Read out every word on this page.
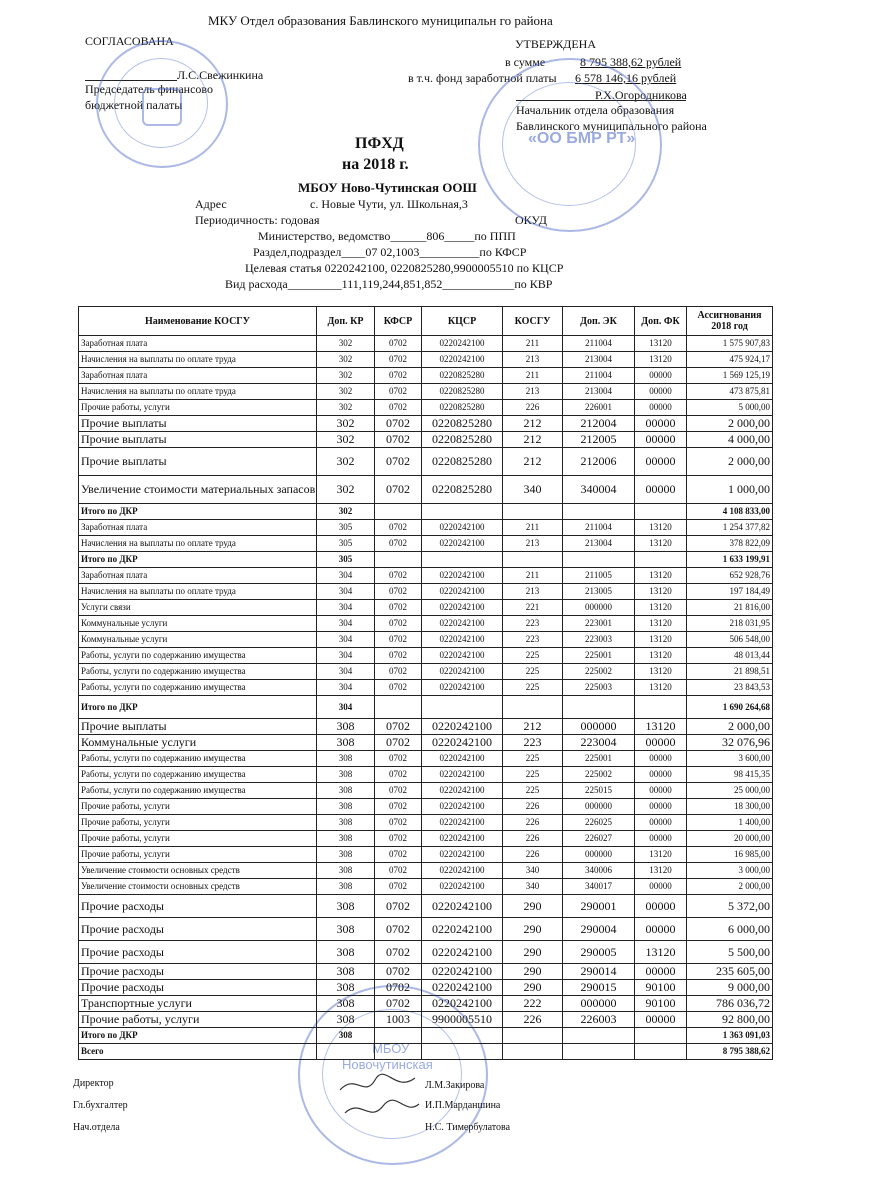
МКУ Отдел образования Бавлинского муниципальн го района
СОГЛАСОВАНА
Л.С.Свежинкина
Председатель финансово
бюджетной палаты
УТВЕРЖДЕНА
в сумме	8 795 388,62 рублей
в т.ч. фонд заработной платы 6 578 146,16 рублей
Р.Х.Огородникова
Начальник отдела образования
Бавлинского муниципального района
ПФХД
на 2018 г.
МБОУ Ново-Чутинская ООШ
Адрес	с. Новые Чути, ул. Школьная,3
Периодичность: годовая	ОКУД
Министерство, ведомство______806_____по ППП
Раздел,подраздел____07 02,1003__________по КФСР
Целевая статья 0220242100, 0220825280,9900005510 по КЦСР
Вид расхода_________111,119,244,851,852____________по КВР
«ОО БМР РТ»
МБОУ
Новочутинская
Наименование КОСГУ	Доп. КР	КФСР	КЦСР	КОСГУ	Доп. ЭК	Доп. ФК	Ассигнования 2018 год
Заработная плата	302	0702	0220242100	211	211004	13120	1 575 907,83
Начисления на выплаты по оплате труда	302	0702	0220242100	213	213004	13120	475 924,17
Заработная плата	302	0702	0220825280	211	211004	00000	1 569 125,19
Начисления на выплаты по оплате труда	302	0702	0220825280	213	213004	00000	473 875,81
Прочие работы, услуги	302	0702	0220825280	226	226001	00000	5 000,00
Прочие выплаты	302	0702	0220825280	212	212004	00000	2 000,00
Прочие выплаты	302	0702	0220825280	212	212005	00000	4 000,00
Прочие выплаты	302	0702	0220825280	212	212006	00000	2 000,00
Увеличение стоимости материальных запасов	302	0702	0220825280	340	340004	00000	1 000,00
Итого по ДКР	302						4 108 833,00
Заработная плата	305	0702	0220242100	211	211004	13120	1 254 377,82
Начисления на выплаты по оплате труда	305	0702	0220242100	213	213004	13120	378 822,09
Итого по ДКР	305						1 633 199,91
Заработная плата	304	0702	0220242100	211	211005	13120	652 928,76
Начисления на выплаты по оплате труда	304	0702	0220242100	213	213005	13120	197 184,49
Услуги связи	304	0702	0220242100	221	000000	13120	21 816,00
Коммунальные услуги	304	0702	0220242100	223	223001	13120	218 031,95
Коммунальные услуги	304	0702	0220242100	223	223003	13120	506 548,00
Работы, услуги по содержанию имущества	304	0702	0220242100	225	225001	13120	48 013,44
Работы, услуги по содержанию имущества	304	0702	0220242100	225	225002	13120	21 898,51
Работы, услуги по содержанию имущества	304	0702	0220242100	225	225003	13120	23 843,53
Итого по ДКР	304						1 690 264,68
Прочие выплаты	308	0702	0220242100	212	000000	13120	2 000,00
Коммунальные услуги	308	0702	0220242100	223	223004	00000	32 076,96
Работы, услуги по содержанию имущества	308	0702	0220242100	225	225001	00000	3 600,00
Работы, услуги по содержанию имущества	308	0702	0220242100	225	225002	00000	98 415,35
Работы, услуги по содержанию имущества	308	0702	0220242100	225	225015	00000	25 000,00
Прочие работы, услуги	308	0702	0220242100	226	000000	00000	18 300,00
Прочие работы, услуги	308	0702	0220242100	226	226025	00000	1 400,00
Прочие работы, услуги	308	0702	0220242100	226	226027	00000	20 000,00
Прочие работы, услуги	308	0702	0220242100	226	000000	13120	16 985,00
Увеличение стоимости основных средств	308	0702	0220242100	340	340006	13120	3 000,00
Увеличение стоимости основных средств	308	0702	0220242100	340	340017	00000	2 000,00
Прочие расходы	308	0702	0220242100	290	290001	00000	5 372,00
Прочие расходы	308	0702	0220242100	290	290004	00000	6 000,00
Прочие расходы	308	0702	0220242100	290	290005	13120	5 500,00
Прочие расходы	308	0702	0220242100	290	290014	00000	235 605,00
Прочие расходы	308	0702	0220242100	290	290015	90100	9 000,00
Транспортные услуги	308	0702	0220242100	222	000000	90100	786 036,72
Прочие работы, услуги	308	1003	9900005510	226	226003	00000	92 800,00
Итого по ДКР	308						1 363 091,03
Всего							8 795 388,62
Директор	Л.М.Закирова
Гл.бухгалтер	И.П.Марданшина
Нач.отдела	Н.С. Тимербулатова
